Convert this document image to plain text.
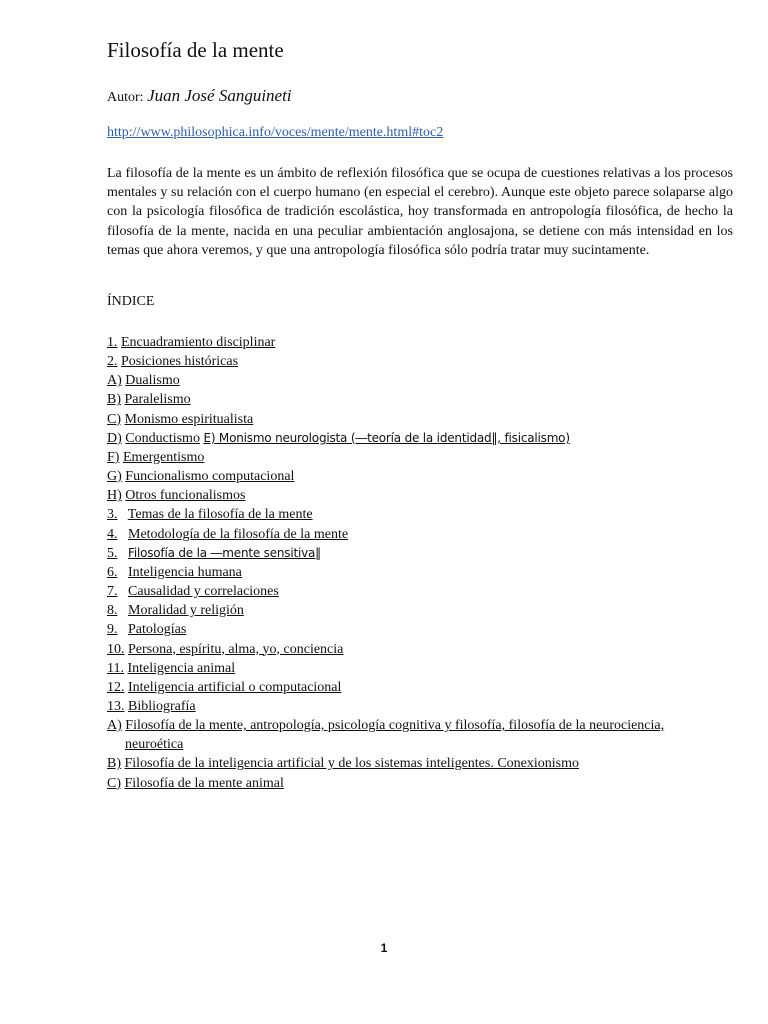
Filosofía de la mente
Autor: Juan José Sanguineti
http://www.philosophica.info/voces/mente/mente.html#toc2

La filosofía de la mente es un ámbito de reflexión filosófica que se ocupa de cuestiones relativas a los procesos mentales y su relación con el cuerpo humano (en especial el cerebro). Aunque este objeto parece solaparse algo con la psicología filosófica de tradición escolástica, hoy transformada en antropología filosófica, de hecho la filosofía de la mente, nacida en una peculiar ambientación anglosajona, se detiene con más intensidad en los temas que ahora veremos, y que una antropología filosófica sólo podría tratar muy sucintamente.

ÍNDICE
1. Encuadramiento disciplinar
2. Posiciones históricas
A) Dualismo
B) Paralelismo
C) Monismo espiritualista
D) Conductismo E) Monismo neurologista (―teoría de la identidad‖, fisicalismo)
F) Emergentismo
G) Funcionalismo computacional
H) Otros funcionalismos
3. Temas de la filosofía de la mente
4. Metodología de la filosofía de la mente
5. Filosofía de la ―mente sensitiva‖
6. Inteligencia humana
7. Causalidad y correlaciones
8. Moralidad y religión
9. Patologías
10. Persona, espíritu, alma, yo, conciencia
11. Inteligencia animal
12. Inteligencia artificial o computacional
13. Bibliografía
A) Filosofía de la mente, antropología, psicología cognitiva y filosofía, filosofía de la neurociencia,
neuroética
B) Filosofía de la inteligencia artificial y de los sistemas inteligentes. Conexionismo
C) Filosofía de la mente animal
1
